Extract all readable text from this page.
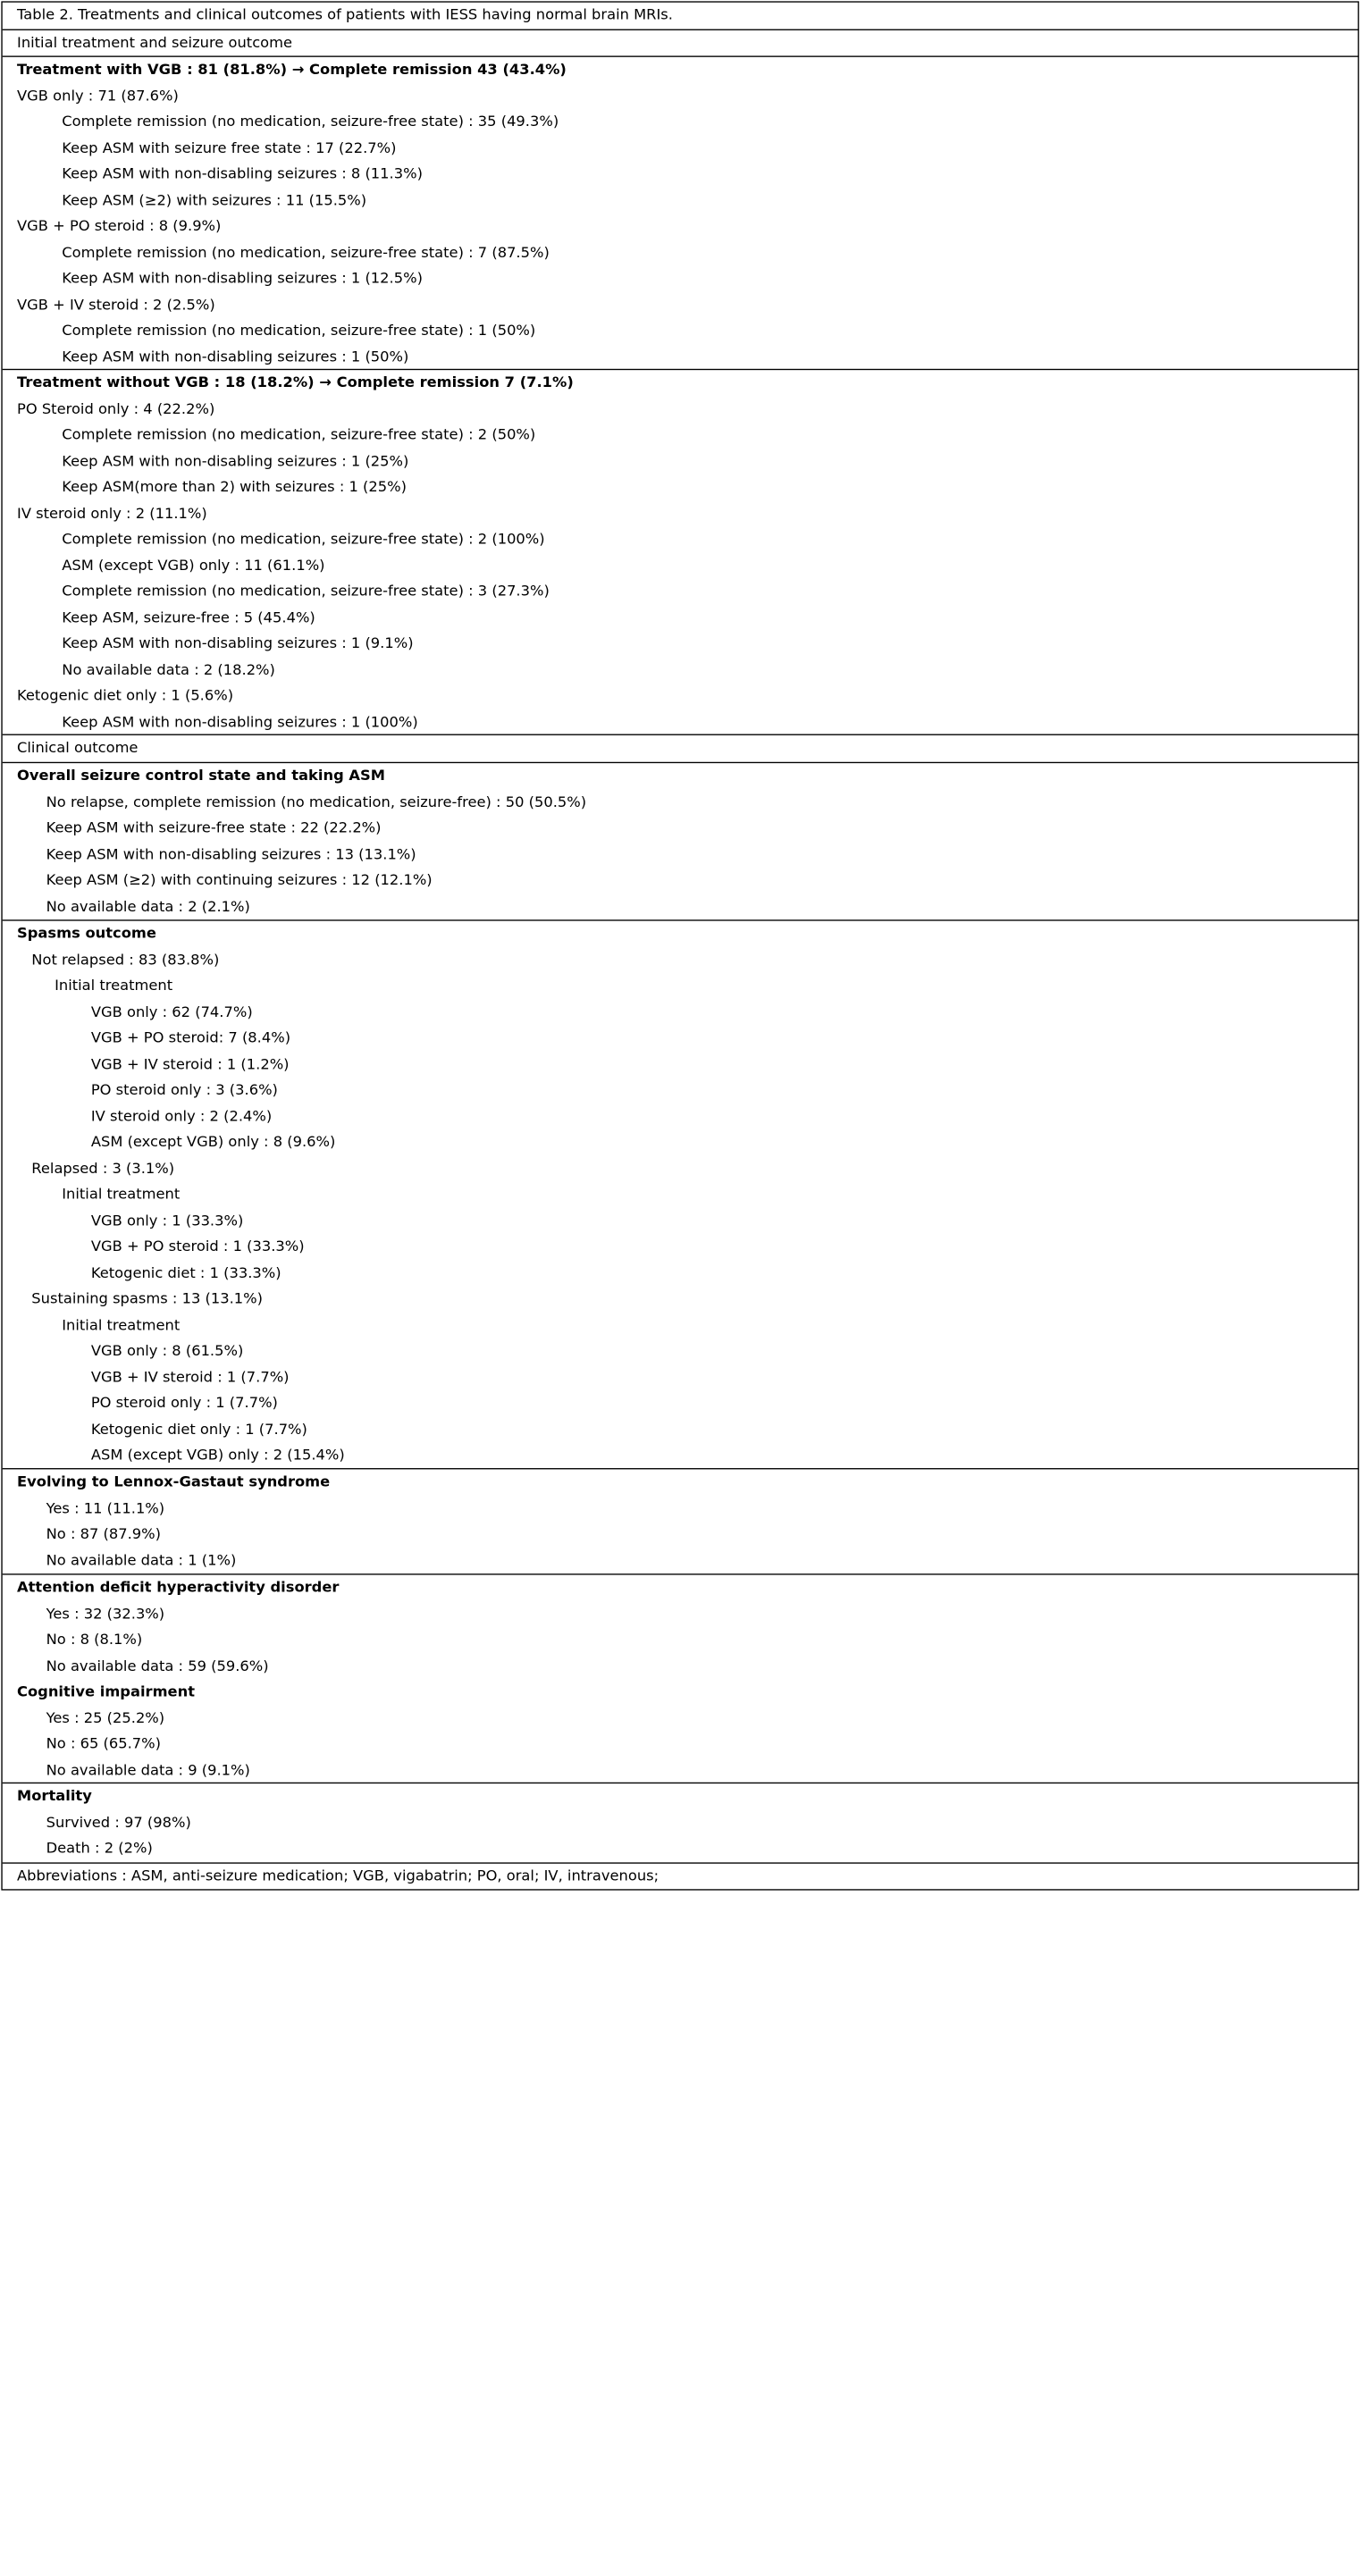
Table 2. Treatments and clinical outcomes of patients with IESS having normal brain MRIs.
Initial treatment and seizure outcome
Treatment with VGB : 81 (81.8%) → Complete remission 43 (43.4%)
VGB only : 71 (87.6%)
Complete remission (no medication, seizure-free state) : 35 (49.3%)
Keep ASM with seizure free state : 17 (22.7%)
Keep ASM with non-disabling seizures : 8 (11.3%)
Keep ASM (≥2) with seizures : 11 (15.5%)
VGB + PO steroid : 8 (9.9%)
Complete remission (no medication, seizure-free state) : 7 (87.5%)
Keep ASM with non-disabling seizures : 1 (12.5%)
VGB + IV steroid : 2 (2.5%)
Complete remission (no medication, seizure-free state) : 1 (50%)
Keep ASM with non-disabling seizures : 1 (50%)
Treatment without VGB : 18 (18.2%) → Complete remission 7 (7.1%)
PO Steroid only : 4 (22.2%)
Complete remission (no medication, seizure-free state) : 2 (50%)
Keep ASM with non-disabling seizures : 1 (25%)
Keep ASM(more than 2) with seizures : 1 (25%)
IV steroid only : 2 (11.1%)
Complete remission (no medication, seizure-free state) : 2 (100%)
ASM (except VGB) only : 11 (61.1%)
Complete remission (no medication, seizure-free state) : 3 (27.3%)
Keep ASM, seizure-free : 5 (45.4%)
Keep ASM with non-disabling seizures : 1 (9.1%)
No available data : 2 (18.2%)
Ketogenic diet only : 1 (5.6%)
Keep ASM with non-disabling seizures : 1 (100%)
Clinical outcome
Overall seizure control state and taking ASM
No relapse, complete remission (no medication, seizure-free) : 50 (50.5%)
Keep ASM with seizure-free state : 22 (22.2%)
Keep ASM with non-disabling seizures : 13 (13.1%)
Keep ASM (≥2) with continuing seizures : 12 (12.1%)
No available data : 2 (2.1%)
Spasms outcome
Not relapsed : 83 (83.8%)
Initial treatment
VGB only : 62 (74.7%)
VGB + PO steroid: 7 (8.4%)
VGB + IV steroid : 1 (1.2%)
PO steroid only : 3 (3.6%)
IV steroid only : 2 (2.4%)
ASM (except VGB) only : 8 (9.6%)
Relapsed : 3 (3.1%)
Initial treatment
VGB only : 1 (33.3%)
VGB + PO steroid : 1 (33.3%)
Ketogenic diet : 1 (33.3%)
Sustaining spasms : 13 (13.1%)
Initial treatment
VGB only : 8 (61.5%)
VGB + IV steroid : 1 (7.7%)
PO steroid only : 1 (7.7%)
Ketogenic diet only : 1 (7.7%)
ASM (except VGB) only : 2 (15.4%)
Evolving to Lennox-Gastaut syndrome
Yes : 11 (11.1%)
No : 87 (87.9%)
No available data : 1 (1%)
Attention deficit hyperactivity disorder
Yes : 32 (32.3%)
No : 8 (8.1%)
No available data : 59 (59.6%)
Cognitive impairment
Yes : 25 (25.2%)
No : 65 (65.7%)
No available data : 9 (9.1%)
Mortality
Survived : 97 (98%)
Death : 2 (2%)
Abbreviations : ASM, anti-seizure medication; VGB, vigabatrin; PO, oral; IV, intravenous;
